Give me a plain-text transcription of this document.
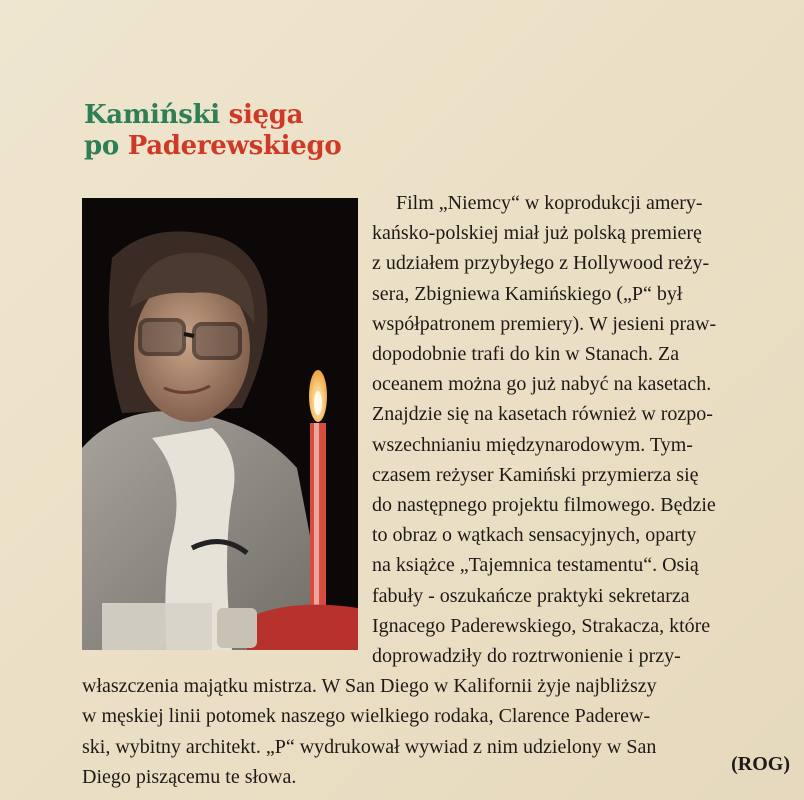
Kamiński sięga
po Paderewskiego
Film „Niemcy“ w koprodukcji amery-
kańsko-polskiej miał już polską premierę
z udziałem przybyłego z Hollywood reży-
sera, Zbigniewa Kamińskiego („P“ był
współpatronem premiery). W jesieni praw-
dopodobnie trafi do kin w Stanach. Za
oceanem można go już nabyć na kasetach.
Znajdzie się na kasetach również w rozpo-
wszechnianiu międzynarodowym. Tym-
czasem reżyser Kamiński przymierza się
do następnego projektu filmowego. Będzie
to obraz o wątkach sensacyjnych, oparty
na książce „Tajemnica testamentu“. Osią
fabuły - oszukańcze praktyki sekretarza
Ignacego Paderewskiego, Strakacza, które
doprowadziły do roztrwonienie i przy-
właszczenia majątku mistrza. W San Diego w Kalifornii żyje najbliższy
w męskiej linii potomek naszego wielkiego rodaka, Clarence Paderew-
ski, wybitny architekt. „P“ wydrukował wywiad z nim udzielony w San
Diego piszącemu te słowa.
(ROG)
